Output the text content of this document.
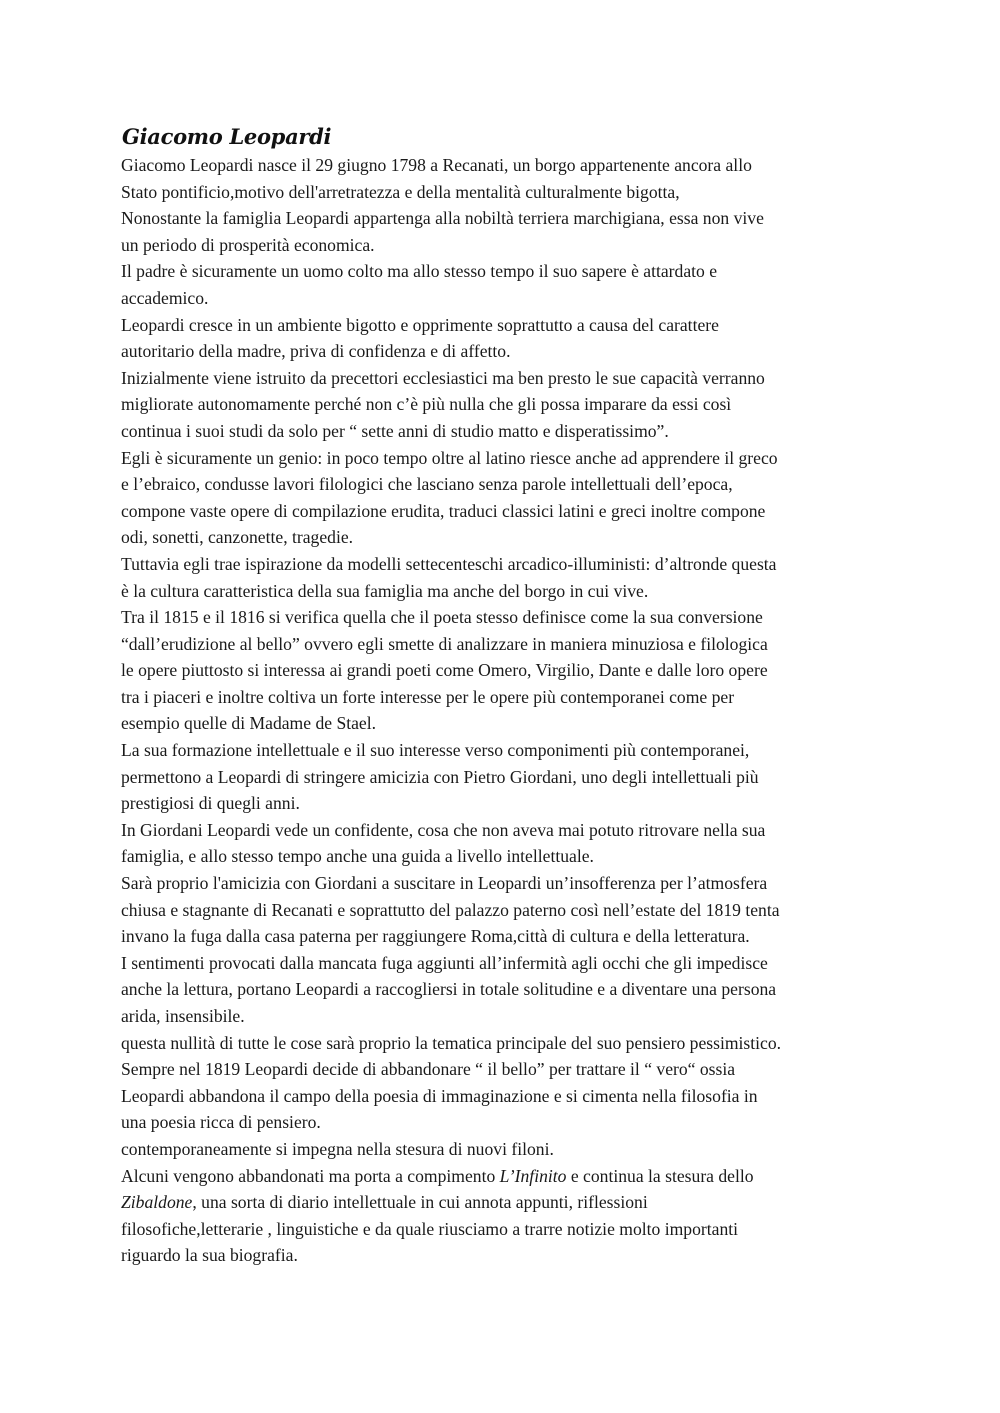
Giacomo Leopardi
Giacomo Leopardi nasce il 29 giugno 1798 a Recanati, un borgo appartenente ancora allo
Stato pontificio,motivo dell'arretratezza e della mentalità culturalmente bigotta,
Nonostante la famiglia Leopardi appartenga alla nobiltà terriera marchigiana, essa non vive
un periodo di prosperità economica.
Il padre è sicuramente un uomo colto ma allo stesso tempo il suo sapere è attardato e
accademico.
Leopardi cresce in un ambiente bigotto e opprimente soprattutto a causa del carattere
autoritario della madre, priva di confidenza e di affetto.
Inizialmente viene istruito da precettori ecclesiastici ma ben presto le sue capacità verranno
migliorate autonomamente perché non c’è più nulla che gli possa imparare da essi così
continua i suoi studi da solo per “ sette anni di studio matto e disperatissimo”.
Egli è sicuramente un genio: in poco tempo oltre al latino riesce anche ad apprendere il greco
e l’ebraico, condusse lavori filologici che lasciano senza parole intellettuali dell’epoca,
compone vaste opere di compilazione erudita, traduci classici latini e greci inoltre compone
odi, sonetti, canzonette, tragedie.
Tuttavia egli trae ispirazione da modelli settecenteschi arcadico-illuministi: d’altronde questa
è la cultura caratteristica della sua famiglia ma anche del borgo in cui vive.
Tra il 1815 e il 1816 si verifica quella che il poeta stesso definisce come la sua conversione
“dall’erudizione al bello” ovvero egli smette di analizzare in maniera minuziosa e filologica
le opere piuttosto si interessa ai grandi poeti come Omero, Virgilio, Dante e dalle loro opere
tra i piaceri e inoltre coltiva un forte interesse per le opere più contemporanei come per
esempio quelle di Madame de Stael.
La sua formazione intellettuale e il suo interesse verso componimenti più contemporanei,
permettono a Leopardi di stringere amicizia con Pietro Giordani, uno degli intellettuali più
prestigiosi di quegli anni.
In Giordani Leopardi vede un confidente, cosa che non aveva mai potuto ritrovare nella sua
famiglia, e allo stesso tempo anche una guida a livello intellettuale.
Sarà proprio l'amicizia con Giordani a suscitare in Leopardi un’insofferenza per l’atmosfera
chiusa e stagnante di Recanati e soprattutto del palazzo paterno così nell’estate del 1819 tenta
invano la fuga dalla casa paterna per raggiungere Roma,città di cultura e della letteratura.
I sentimenti provocati dalla mancata fuga aggiunti all’infermità agli occhi che gli impedisce
anche la lettura, portano Leopardi a raccogliersi in totale solitudine e a diventare una persona
arida, insensibile.
questa nullità di tutte le cose sarà proprio la tematica principale del suo pensiero pessimistico.
Sempre nel 1819 Leopardi decide di abbandonare “ il bello” per trattare il “ vero“ ossia
Leopardi abbandona il campo della poesia di immaginazione e si cimenta nella filosofia in
una poesia ricca di pensiero.
contemporaneamente si impegna nella stesura di nuovi filoni.
Alcuni vengono abbandonati ma porta a compimento L’Infinito e continua la stesura dello
Zibaldone, una sorta di diario intellettuale in cui annota appunti, riflessioni
filosofiche,letterarie , linguistiche e da quale riusciamo a trarre notizie molto importanti
riguardo la sua biografia.
